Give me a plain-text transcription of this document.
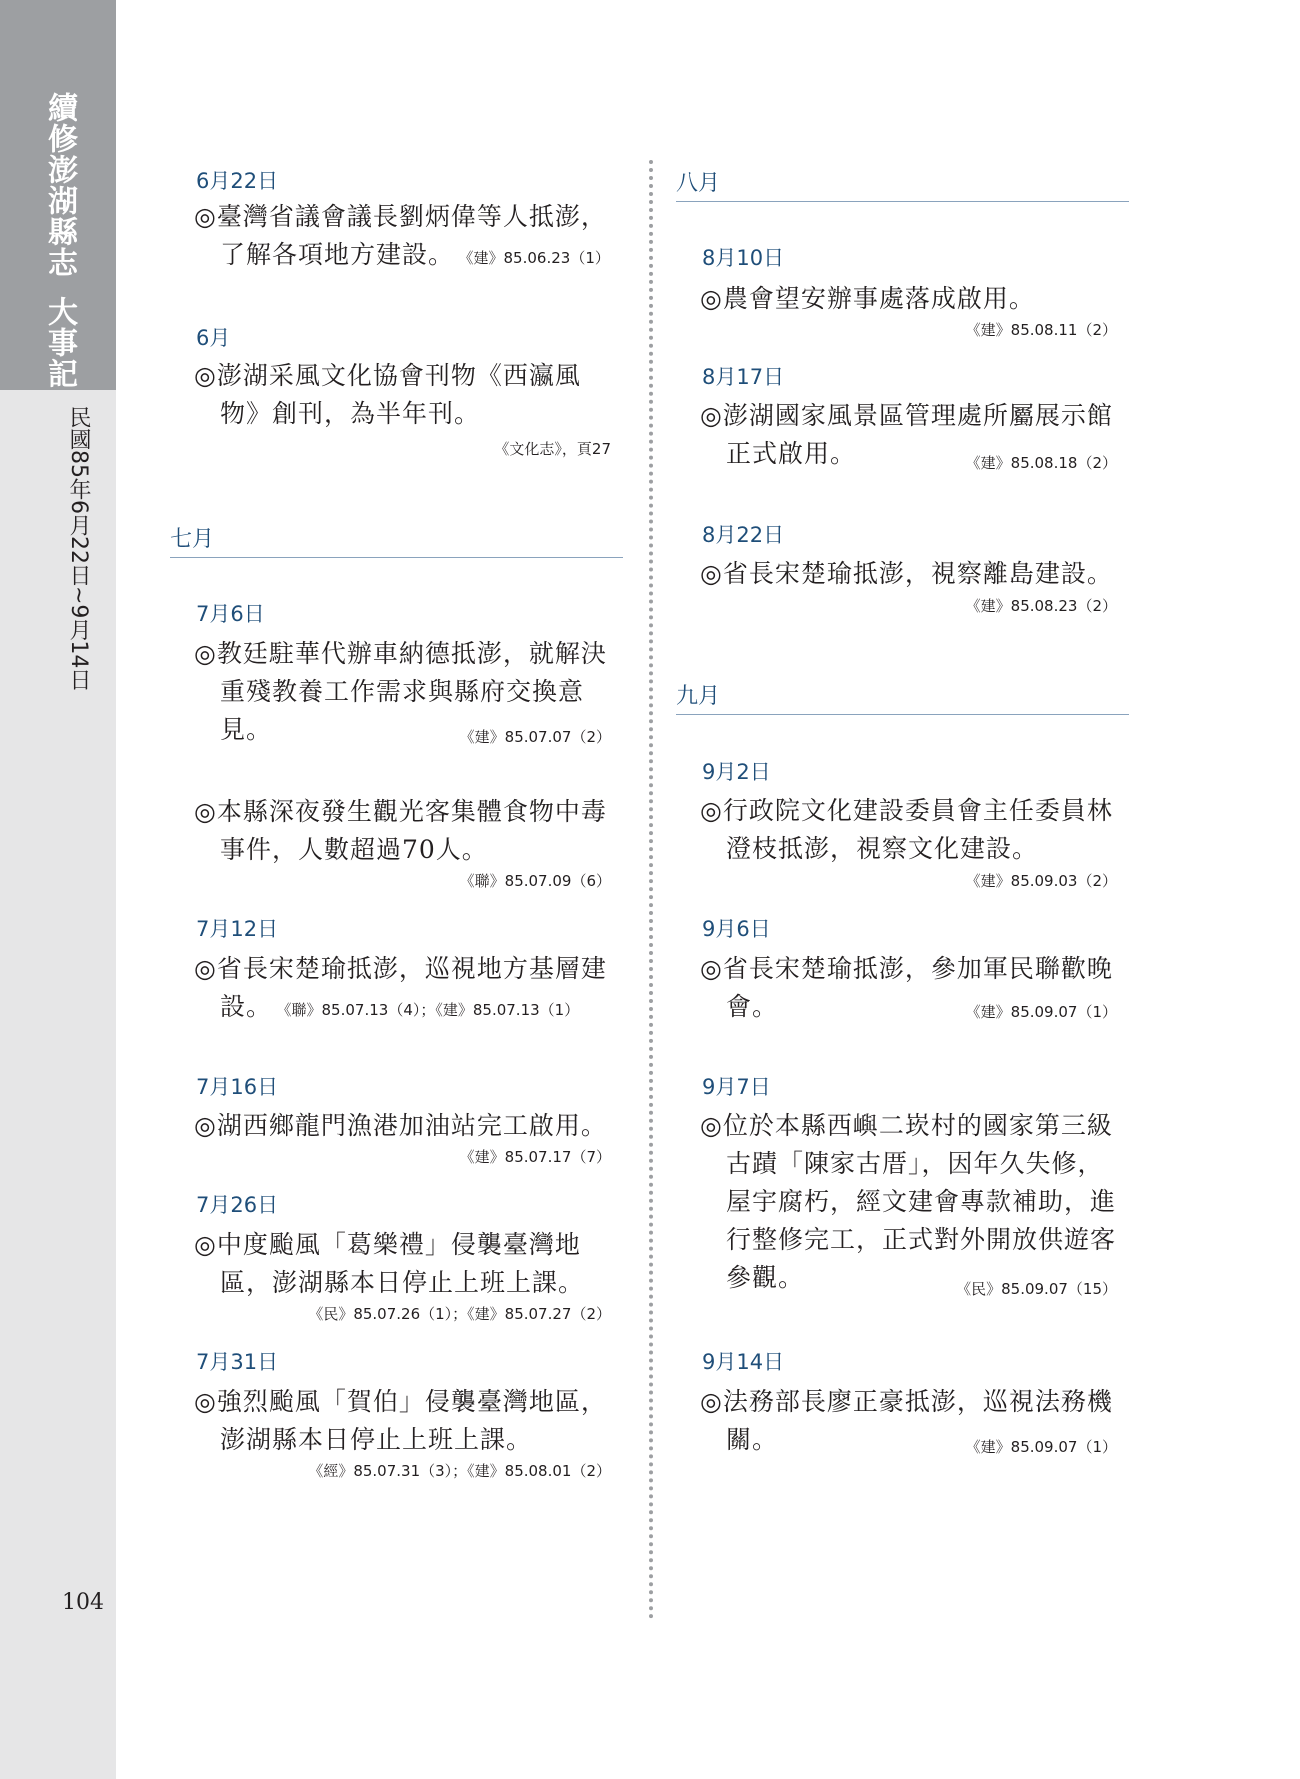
續修澎湖縣志大事記
民國85年6月22日∼9月14日
104
6月22日
◎臺灣省議會議長劉炳偉等人抵澎，
了解各項地方建設。 《建》85.06.23（1）
6月
◎澎湖采風文化協會刊物《西瀛風
物》創刊，為半年刊。
《文化志》，頁27
七月
7月6日
◎教廷駐華代辦車納德抵澎，就解決
重殘教養工作需求與縣府交換意
見。	《建》85.07.07（2）
◎本縣深夜發生觀光客集體食物中毒
事件，人數超過70人。
《聯》85.07.09（6）
7月12日
◎省長宋楚瑜抵澎，巡視地方基層建
設。 《聯》85.07.13（4）；《建》85.07.13（1）
7月16日
◎湖西鄉龍門漁港加油站完工啟用。
《建》85.07.17（7）
7月26日
◎中度颱風「葛樂禮」侵襲臺灣地
區，澎湖縣本日停止上班上課。
《民》85.07.26（1）；《建》85.07.27（2）
7月31日
◎強烈颱風「賀伯」侵襲臺灣地區，
澎湖縣本日停止上班上課。
《經》85.07.31（3）；《建》85.08.01（2）
八月
8月10日
◎農會望安辦事處落成啟用。
《建》85.08.11（2）
8月17日
◎澎湖國家風景區管理處所屬展示館
正式啟用。	《建》85.08.18（2）
8月22日
◎省長宋楚瑜抵澎，視察離島建設。
《建》85.08.23（2）
九月
9月2日
◎行政院文化建設委員會主任委員林
澄枝抵澎，視察文化建設。
《建》85.09.03（2）
9月6日
◎省長宋楚瑜抵澎，參加軍民聯歡晚
會。	《建》85.09.07（1）
9月7日
◎位於本縣西嶼二崁村的國家第三級
古蹟「陳家古厝」，因年久失修，
屋宇腐朽，經文建會專款補助，進
行整修完工，正式對外開放供遊客
參觀。	《民》85.09.07（15）
9月14日
◎法務部長廖正豪抵澎，巡視法務機
關。	《建》85.09.07（1）
